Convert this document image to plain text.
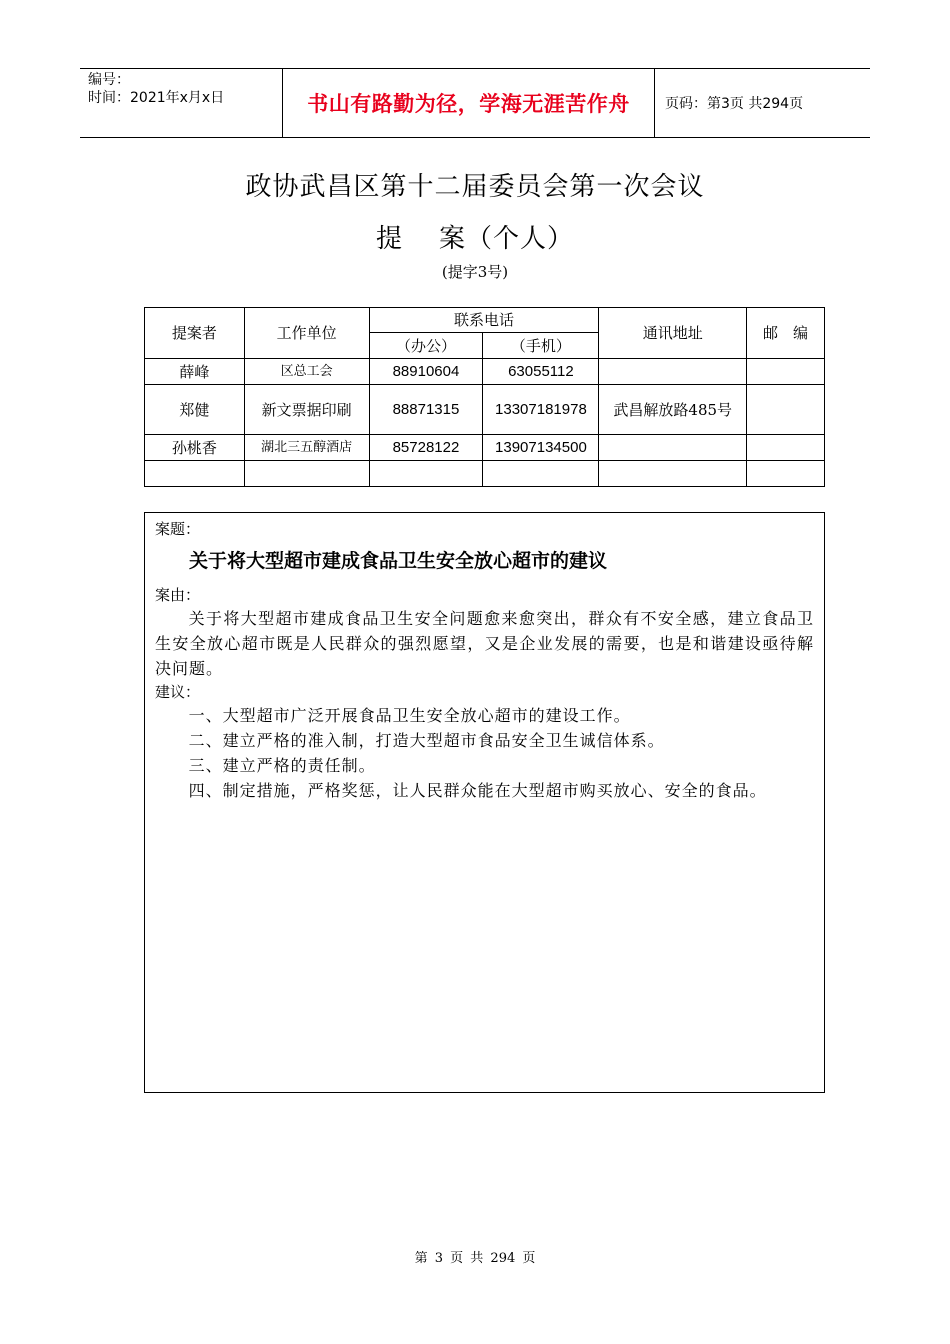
编号：
时间：2021年x月x日	书山有路勤为径，学海无涯苦作舟	页码：第3页 共294页
政协武昌区第十二届委员会第一次会议
提 案（个人）
(提字3号)
提案者	工作单位	联系电话		通讯地址	邮　编
		（办公）	（手机）		
薛峰	区总工会	88910604	63055112		
郑健	新文票据印刷	88871315	13307181978	武昌解放路485号	
孙桃香	湖北三五醇酒店	85728122	13907134500		

案题：
关于将大型超市建成食品卫生安全放心超市的建议
案由：

关于将大型超市建成食品卫生安全问题愈来愈突出，群众有不安全感，建立食品卫生安全放心超市既是人民群众的强烈愿望，又是企业发展的需要，也是和谐建设亟待解决问题。

建议：

一、大型超市广泛开展食品卫生安全放心超市的建设工作。

二、建立严格的准入制，打造大型超市食品安全卫生诚信体系。

三、建立严格的责任制。

四、制定措施，严格奖惩，让人民群众能在大型超市购买放心、安全的食品。

第 3 页 共 294 页
